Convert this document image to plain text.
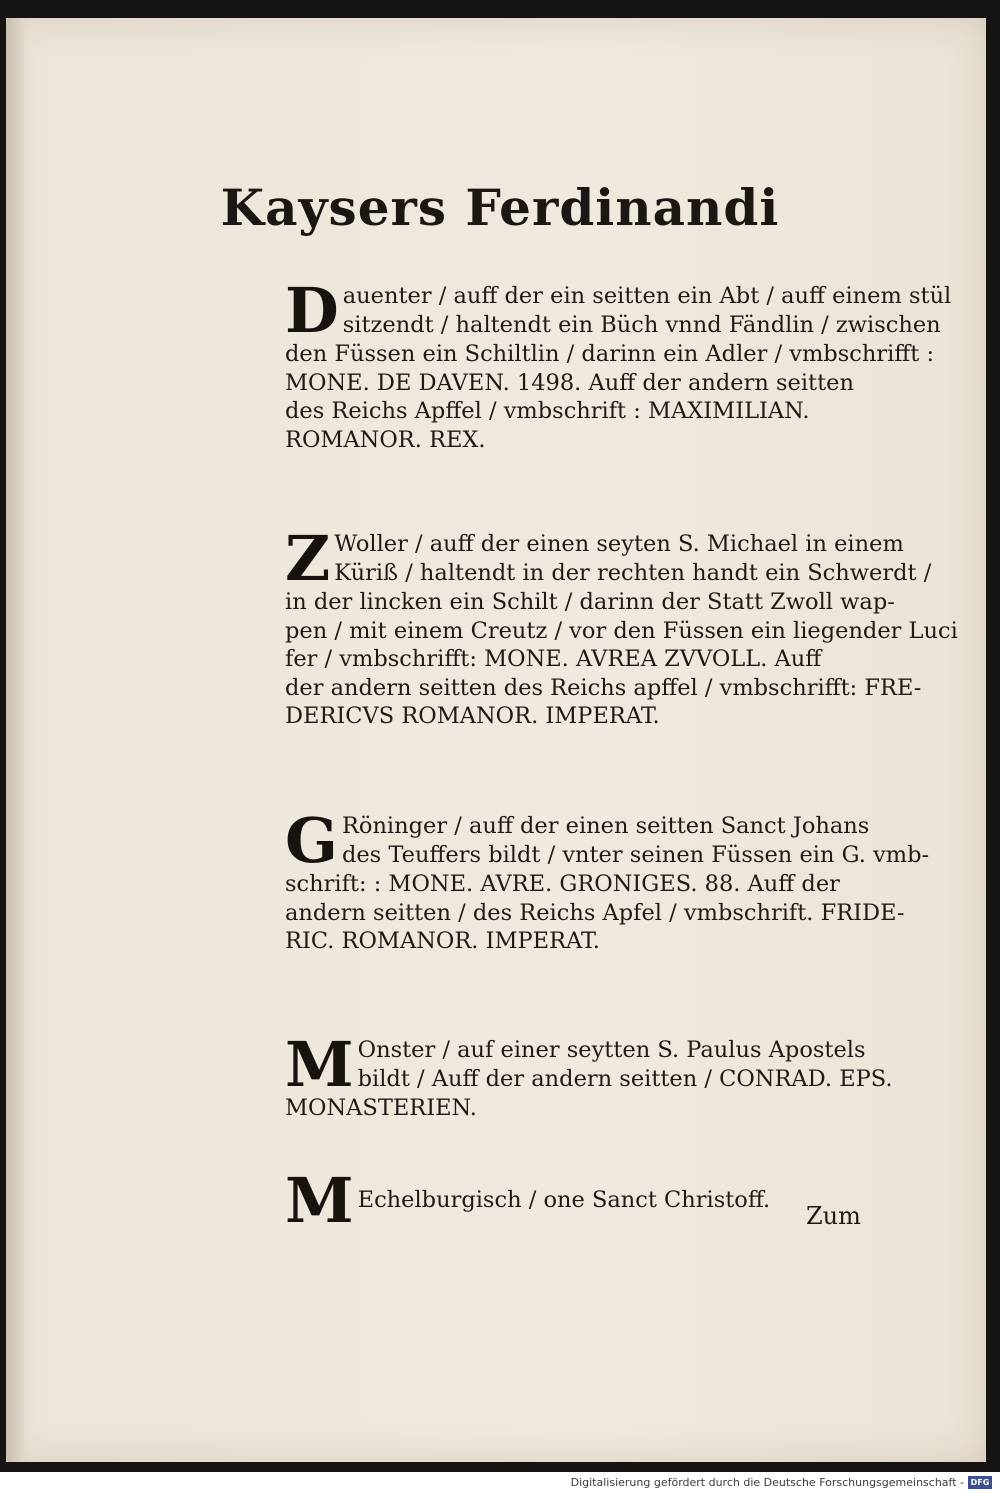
Kaysers Ferdinandi
D auenter / auff der ein seitten ein Abt / auff einem stül
sitzendt / haltendt ein Büch vnnd Fändlin / zwischen
den Füssen ein Schiltlin / darinn ein Adler / vmbschrifft :
MONE. DE DAVEN. 1498. Auff der andern seitten
des Reichs Apffel / vmbschrift : MAXIMILIAN.
ROMANOR. REX.
Z Woller / auff der einen seyten S. Michael in einem
Küriß / haltendt in der rechten handt ein Schwerdt /
in der lincken ein Schilt / darinn der Statt Zwoll wap-
pen / mit einem Creutz / vor den Füssen ein liegender Luci
fer / vmbschrifft: MONE. AVREA ZVVOLL. Auff
der andern seitten des Reichs apffel / vmbschrifft: FRE-
DERICVS ROMANOR. IMPERAT.
G Röninger / auff der einen seitten Sanct Johans
des Teuffers bildt / vnter seinen Füssen ein G. vmb-
schrift: : MONE. AVRE. GRONIGES. 88. Auff der
andern seitten / des Reichs Apfel / vmbschrift. FRIDE-
RIC. ROMANOR. IMPERAT.
M Onster / auf einer seytten S. Paulus Apostels
bildt / Auff der andern seitten / CONRAD. EPS.
MONASTERIEN.
M Echelburgisch / one Sanct Christoff.
Zum
Digitalisierung gefördert durch die Deutsche Forschungsgemeinschaft - DFG
